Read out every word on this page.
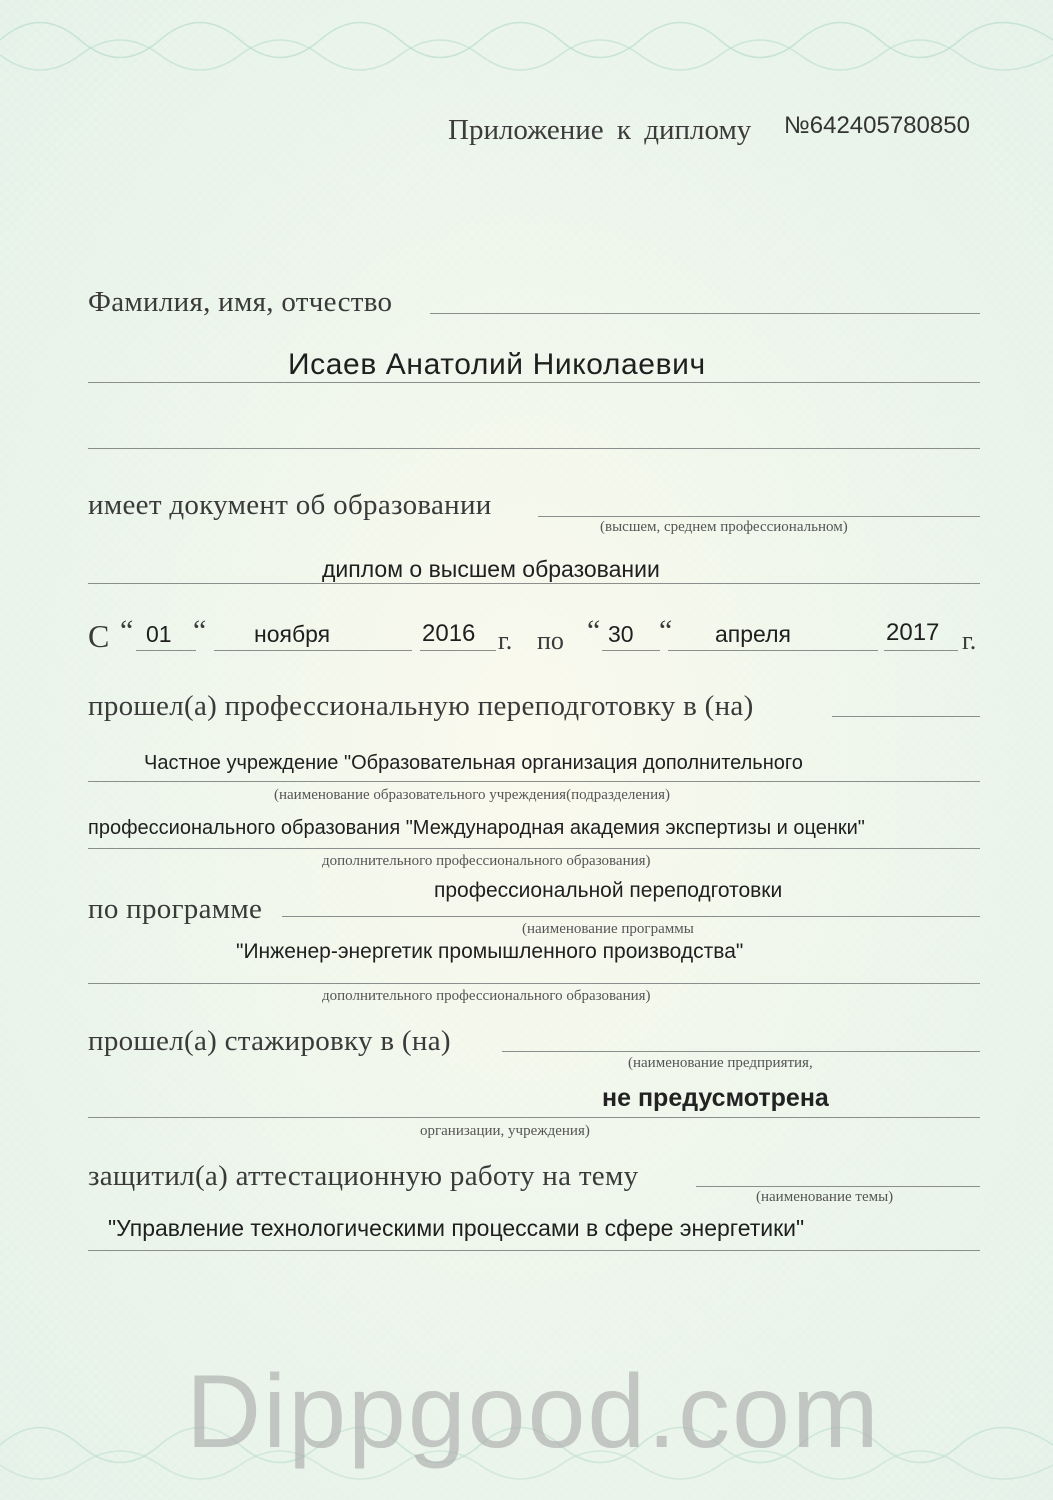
Приложение к диплому №642405780850
Фамилия, имя, отчество
Исаев Анатолий Николаевич
имеет документ об образовании
(высшем, среднем профессиональном)
диплом о высшем образовании
С “ 01 “ ноября	2016 г. по “ 30 “ апреля	2017 г.
прошел(а) профессиональную переподготовку в (на)
Частное учреждение "Образовательная организация дополнительного
(наименование образовательного учреждения(подразделения)
профессионального образования "Международная академия экспертизы и оценки"
дополнительного профессионального образования)
по программе
профессиональной переподготовки
(наименование программы
"Инженер-энергетик промышленного производства"
дополнительного профессионального образования)
прошел(а) стажировку в (на)
(наименование предприятия,
не предусмотрена
организации, учреждения)
защитил(а) аттестационную работу на тему
(наименование темы)
"Управление технологическими процессами в сфере энергетики"
Dippgood.com
